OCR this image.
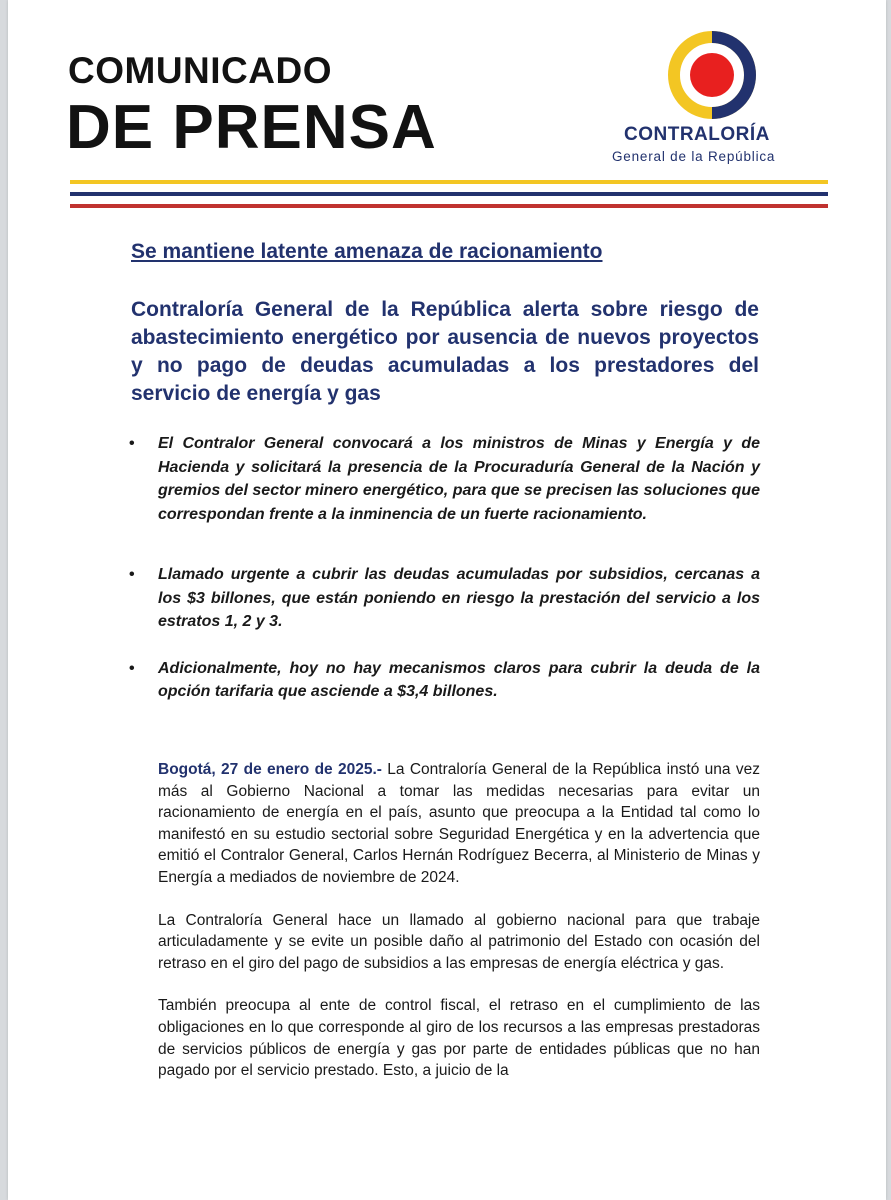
COMUNICADO
DE PRENSA	CONTRALORÍA
General de la República
Se mantiene latente amenaza de racionamiento
Contraloría General de la República alerta sobre riesgo de abastecimiento energético por ausencia de nuevos proyectos y no pago de deudas acumuladas a los prestadores del servicio de energía y gas
• El Contralor General convocará a los ministros de Minas y Energía y de Hacienda y solicitará la presencia de la Procuraduría General de la Nación y gremios del sector minero energético, para que se precisen las soluciones que correspondan frente a la inminencia de un fuerte racionamiento.
• Llamado urgente a cubrir las deudas acumuladas por subsidios, cercanas a los $3 billones, que están poniendo en riesgo la prestación del servicio a los estratos 1, 2 y 3.
• Adicionalmente, hoy no hay mecanismos claros para cubrir la deuda de la opción tarifaria que asciende a $3,4 billones.

Bogotá, 27 de enero de 2025.- La Contraloría General de la República instó una vez más al Gobierno Nacional a tomar las medidas necesarias para evitar un racionamiento de energía en el país, asunto que preocupa a la Entidad tal como lo manifestó en su estudio sectorial sobre Seguridad Energética y en la advertencia que emitió el Contralor General, Carlos Hernán Rodríguez Becerra, al Ministerio de Minas y Energía a mediados de noviembre de 2024.

La Contraloría General hace un llamado al gobierno nacional para que trabaje articuladamente y se evite un posible daño al patrimonio del Estado con ocasión del retraso en el giro del pago de subsidios a las empresas de energía eléctrica y gas.

También preocupa al ente de control fiscal, el retraso en el cumplimiento de las obligaciones en lo que corresponde al giro de los recursos a las empresas prestadoras de servicios públicos de energía y gas por parte de entidades públicas que no han pagado por el servicio prestado. Esto, a juicio de la
